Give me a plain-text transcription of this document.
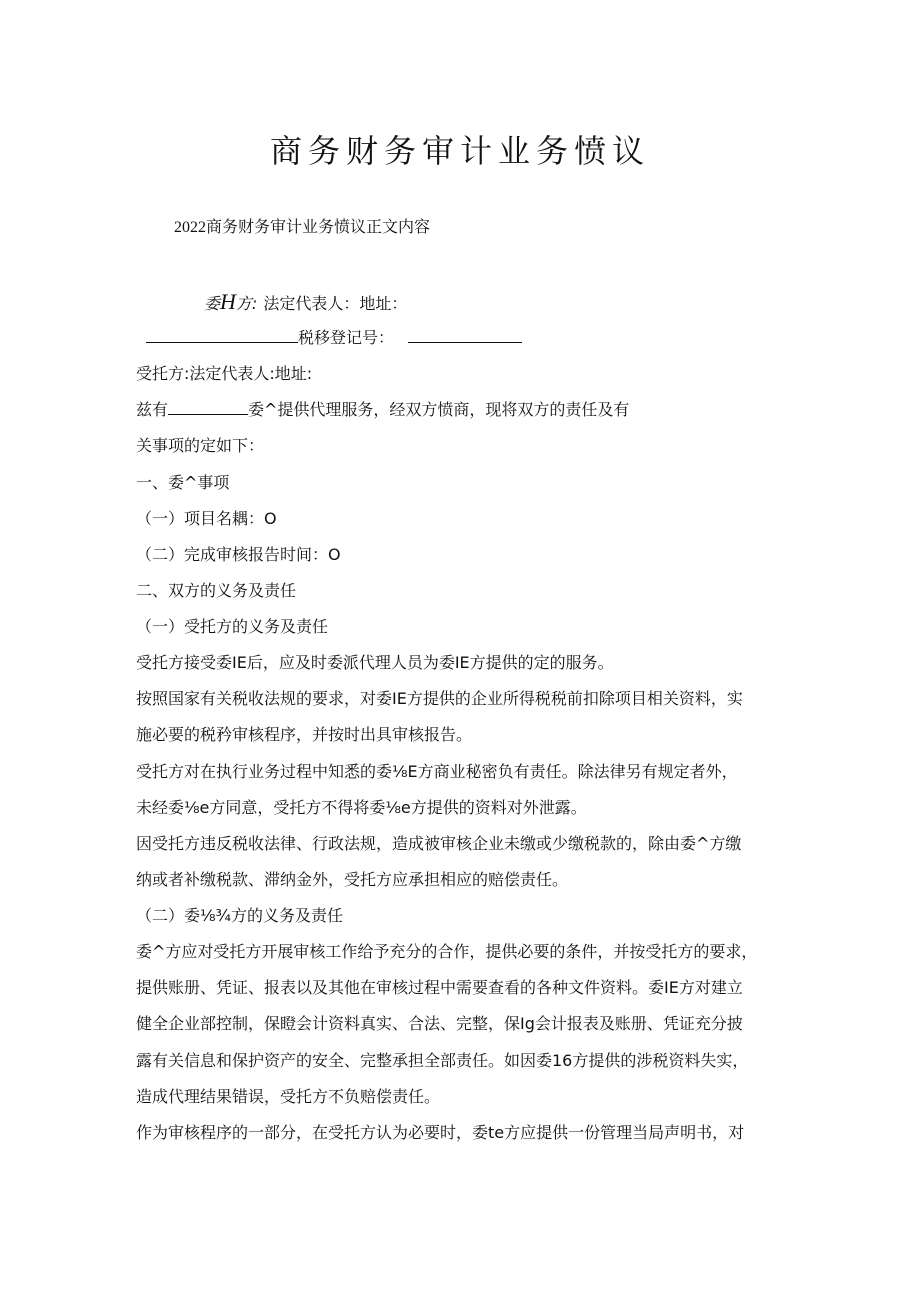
商务财务审计业务愤议
2022商务财务审计业务愤议正文内容
委H方: 法定代表人：地址：
税移登记号：
受托方:法定代表人:地址:
兹有	委^提供代理服务，经双方愤商，现将双方的责任及有
关事项的定如下：
一、委^事项
（一）项目名耦：O
（二）完成审核报告时间：O
二、双方的义务及责任
（一）受托方的义务及责任
受托方接受委IE后，应及时委派代理人员为委IE方提供的定的服务。
按照国家有关税收法规的要求，对委IE方提供的企业所得税税前扣除项目相关资料，实
施必要的税矜审核程序，并按时出具审核报告。
受托方对在执行业务过程中知悉的委⅛E方商业秘密负有责任。除法律另有规定者外，
未经委⅛e方同意，受托方不得将委⅛e方提供的资料对外泄露。
因受托方违反税收法律、行政法规，造成被审核企业未缴或少缴税款的，除由委^方缴
纳或者补缴税款、滞纳金外，受托方应承担相应的赔偿责任。
（二）委⅛¾方的义务及责任
委^方应对受托方开展审核工作给予充分的合作，提供必要的条件，并按受托方的要求，
提供账册、凭证、报表以及其他在审核过程中需要查看的各种文件资料。委IE方对建立
健全企业部控制，保瞪会计资料真实、合法、完整，保Ig会计报表及账册、凭证充分披
露有关信息和保护资产的安全、完整承担全部责任。如因委16方提供的涉税资料失实，
造成代理结果错误，受托方不负赔偿责任。
作为审核程序的一部分，在受托方认为必要时，委te方应提供一份管理当局声明书，对
